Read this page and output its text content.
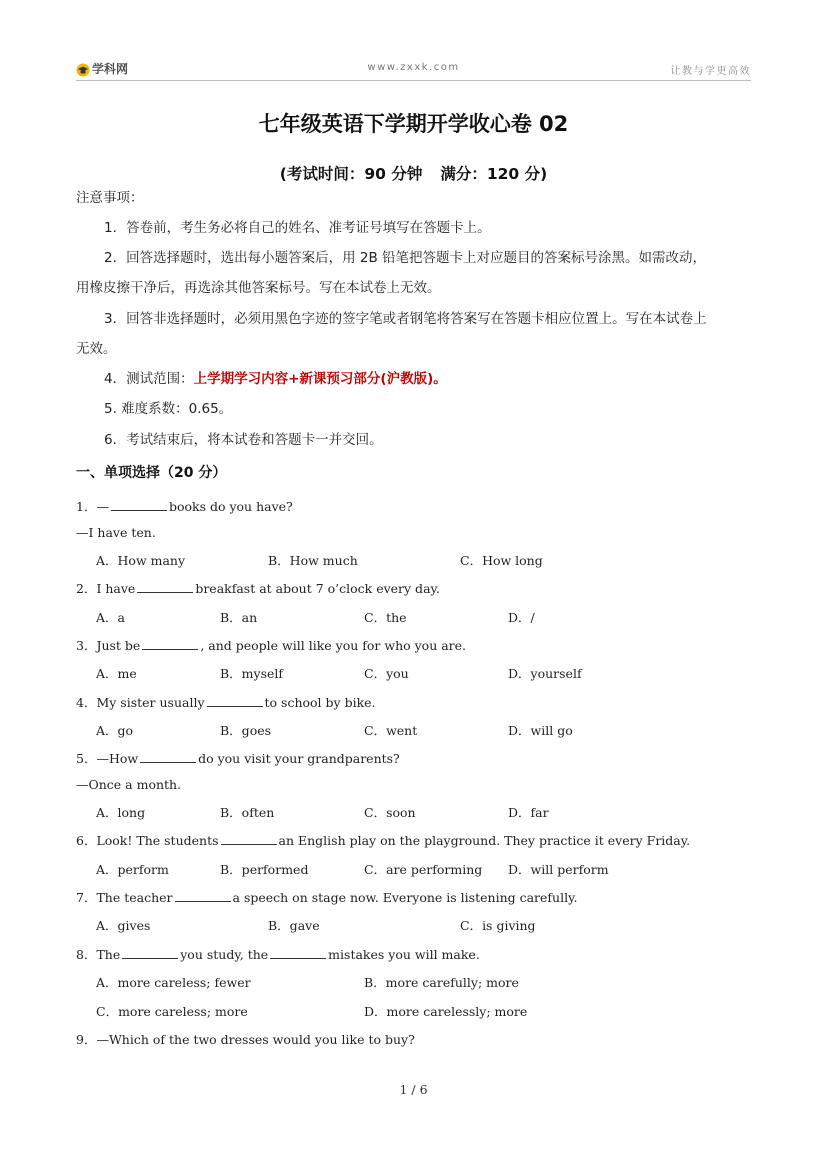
学科网	www.zxxk.com	让教与学更高效
七年级英语下学期开学收心卷 02
(考试时间：90 分钟 满分：120 分)
注意事项：
1．答卷前，考生务必将自己的姓名、准考证号填写在答题卡上。
2．回答选择题时，选出每小题答案后，用 2B 铅笔把答题卡上对应题目的答案标号涂黑。如需改动，
用橡皮擦干净后，再选涂其他答案标号。写在本试卷上无效。
3．回答非选择题时，必须用黑色字迹的签字笔或者钢笔将答案写在答题卡相应位置上。写在本试卷上
无效。
4．测试范围：上学期学习内容+新课预习部分(沪教版)。
5. 难度系数：0.65。
6．考试结束后，将本试卷和答题卡一并交回。
一、单项选择（20 分）
1．—	books do you have?
—I have ten.
A．How many	B．How much	C．How long
2．I have	breakfast at about 7 o’clock every day.
A．a	B．an	C．the	D．/
3．Just be	, and people will like you for who you are.
A．me	B．myself	C．you	D．yourself
4．My sister usually	to school by bike.
A．go	B．goes	C．went	D．will go
5．—How	do you visit your grandparents?
—Once a month.
A．long	B．often	C．soon	D．far
6．Look! The students	an English play on the playground. They practice it every Friday.
A．perform	B．performed	C．are performing D．will perform
7．The teacher	a speech on stage now. Everyone is listening carefully.
A．gives	B．gave	C．is giving
8．The	you study, the	mistakes you will make.
A．more careless; fewer	B．more carefully; more
C．more careless; more	D．more carelessly; more
9．—Which of the two dresses would you like to buy?
1 / 6
